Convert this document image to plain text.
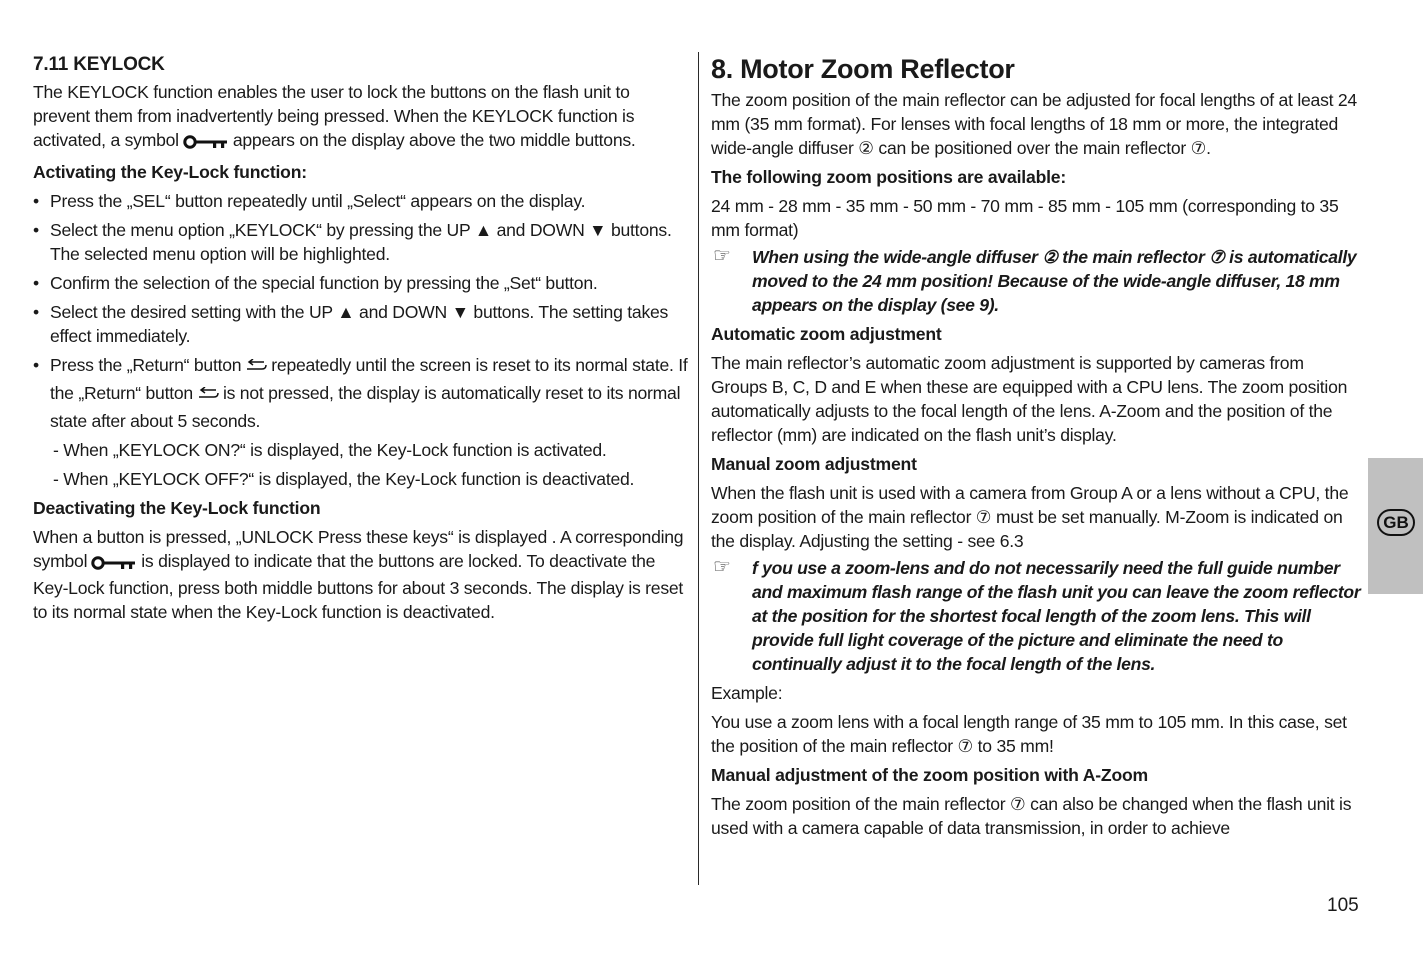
7.11 KEYLOCK

The KEYLOCK function enables the user to lock the buttons on the flash unit to prevent them from inadvertently being pressed. When the KEYLOCK function is activated, a symbol	appears on the display above the two middle buttons.

Activating the Key-Lock function:

• Press the „SEL“ button repeatedly until „Select“ appears on the display.

• Select the menu option „KEYLOCK“ by pressing the UP ▲ and DOWN ▼ buttons. The selected menu option will be highlighted.

• Confirm the selection of the special function by pressing the „Set“ button.

• Select the desired setting with the UP ▲ and DOWN ▼ buttons. The setting takes effect immediately.

• Press the „Return“ button repeatedly until the screen is reset to its normal state. If the „Return“ button is not pressed, the display is automatically reset to its normal state after about 5 seconds.

- When „KEYLOCK ON?“ is displayed, the Key-Lock function is activated.

- When „KEYLOCK OFF?“ is displayed, the Key-Lock function is deactivated.

Deactivating the Key-Lock function

When a button is pressed, „UNLOCK Press these keys“ is displayed . A corresponding symbol	is displayed to indicate that the buttons are locked. To deactivate the Key-Lock function, press both middle buttons for about 3 seconds. The display is reset to its normal state when the Key-Lock function is deactivated.

8. Motor Zoom Reflector

The zoom position of the main reflector can be adjusted for focal lengths of at least 24 mm (35 mm format). For lenses with focal lengths of 18 mm or more, the integrated wide-angle diffuser ② can be positioned over the main reflector ⑦.

The following zoom positions are available:

24 mm - 28 mm - 35 mm - 50 mm - 70 mm - 85 mm - 105 mm (corresponding to 35 mm format)

☞ When using the wide-angle diffuser ② the main reflector ⑦ is automatically moved to the 24 mm position! Because of the wide-angle diffuser, 18 mm appears on the display (see 9).

Automatic zoom adjustment

The main reflector’s automatic zoom adjustment is supported by cameras from Groups B, C, D and E when these are equipped with a CPU lens. The zoom position automatically adjusts to the focal length of the lens. A-Zoom and the position of the reflector (mm) are indicated on the flash unit’s display.

Manual zoom adjustment

When the flash unit is used with a camera from Group A or a lens without a CPU, the zoom position of the main reflector ⑦ must be set manually. M-Zoom is indicated on the display. Adjusting the setting - see 6.3

☞ f you use a zoom-lens and do not necessarily need the full guide number and maximum flash range of the flash unit you can leave the zoom reflector at the position for the shortest focal length of the zoom lens. This will provide full light coverage of the picture and eliminate the need to continually adjust it to the focal length of the lens.

Example:

You use a zoom lens with a focal length range of 35 mm to 105 mm. In this case, set the position of the main reflector ⑦ to 35 mm!

Manual adjustment of the zoom position with A-Zoom

The zoom position of the main reflector ⑦ can also be changed when the flash unit is used with a camera capable of data transmission, in order to achieve

GB
105
